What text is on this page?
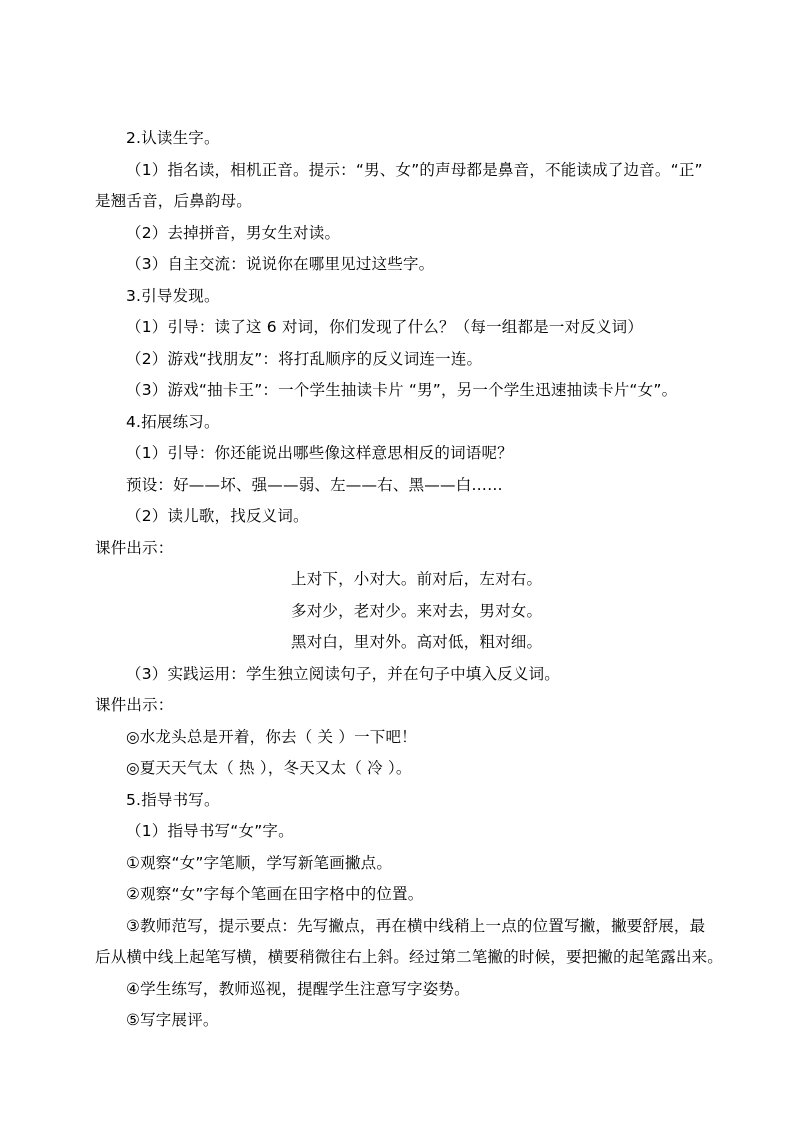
2.认读生字。
（1）指名读，相机正音。提示：“男、女”的声母都是鼻音，不能读成了边音。“正”
是翘舌音，后鼻韵母。
（2）去掉拼音，男女生对读。
（3）自主交流：说说你在哪里见过这些字。
3.引导发现。
（1）引导：读了这 6 对词，你们发现了什么？（每一组都是一对反义词）
（2）游戏“找朋友”：将打乱顺序的反义词连一连。
（3）游戏“抽卡王”：一个学生抽读卡片 “男”，另一个学生迅速抽读卡片“女”。
4.拓展练习。
（1）引导：你还能说出哪些像这样意思相反的词语呢？
预设：好——坏、强——弱、左——右、黑——白……
（2）读儿歌，找反义词。
课件出示：
上对下，小对大。前对后，左对右。
多对少，老对少。来对去，男对女。
黑对白，里对外。高对低，粗对细。
（3）实践运用：学生独立阅读句子，并在句子中填入反义词。
课件出示：
◎水龙头总是开着，你去（ 关 ）一下吧！
◎夏天天气太（ 热 ），冬天又太（ 冷 ）。
5.指导书写。
（1）指导书写“女”字。
①观察“女”字笔顺，学写新笔画撇点。
②观察“女”字每个笔画在田字格中的位置。
③教师范写，提示要点：先写撇点，再在横中线稍上一点的位置写撇，撇要舒展，最
后从横中线上起笔写横，横要稍微往右上斜。经过第二笔撇的时候，要把撇的起笔露出来。
④学生练写，教师巡视，提醒学生注意写字姿势。
⑤写字展评。
